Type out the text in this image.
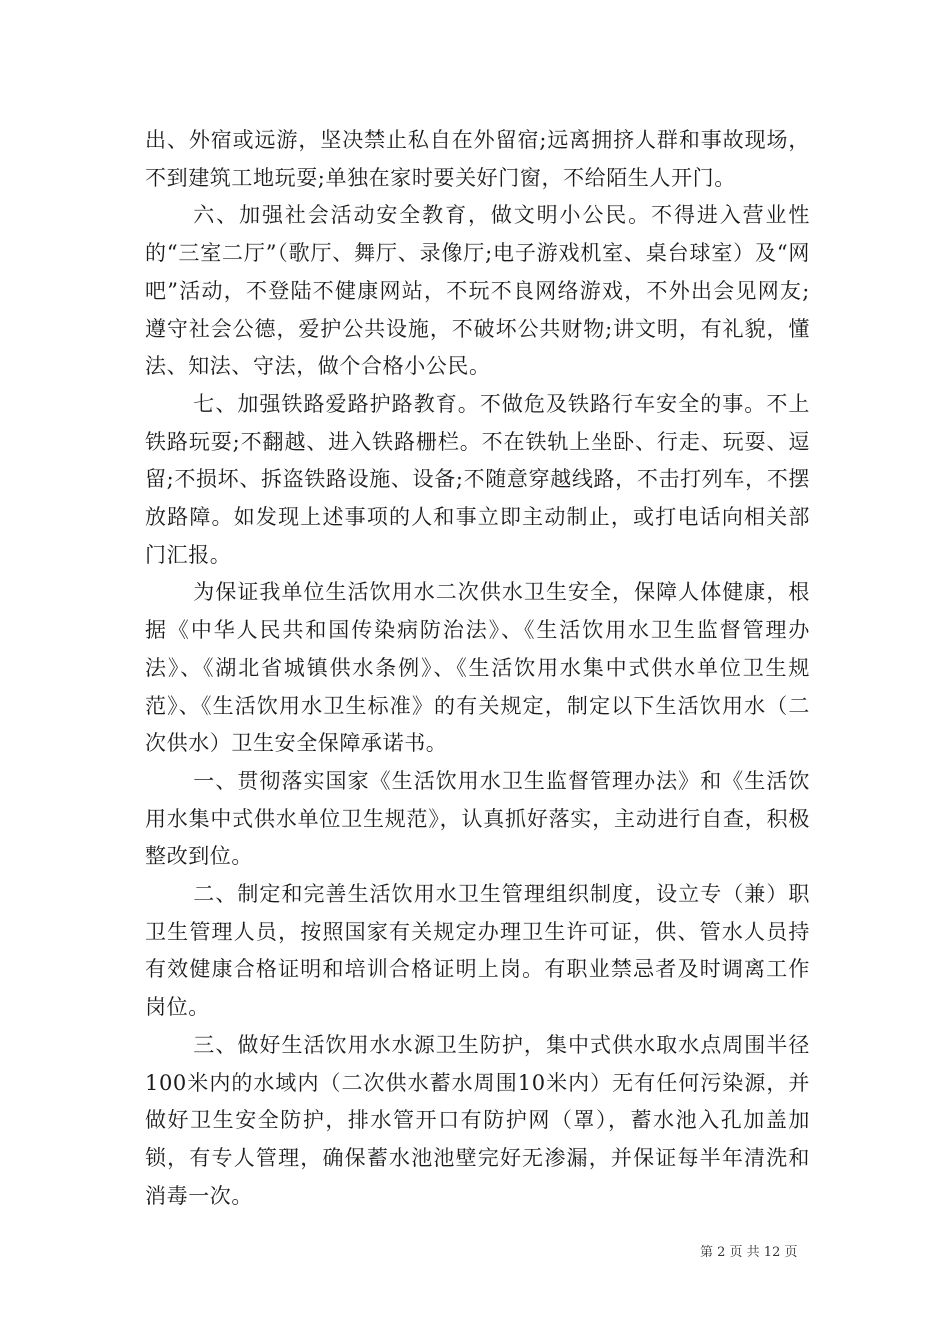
出、外宿或远游，坚决禁止私自在外留宿;远离拥挤人群和事故现场，不到建筑工地玩耍;单独在家时要关好门窗，不给陌生人开门。

六、加强社会活动安全教育，做文明小公民。不得进入营业性的“三室二厅”（歌厅、舞厅、录像厅;电子游戏机室、桌台球室）及“网吧”活动，不登陆不健康网站，不玩不良网络游戏，不外出会见网友;遵守社会公德，爱护公共设施，不破坏公共财物;讲文明，有礼貌，懂法、知法、守法，做个合格小公民。

七、加强铁路爱路护路教育。不做危及铁路行车安全的事。不上铁路玩耍;不翻越、进入铁路栅栏。不在铁轨上坐卧、行走、玩耍、逗留;不损坏、拆盗铁路设施、设备;不随意穿越线路，不击打列车，不摆放路障。如发现上述事项的人和事立即主动制止，或打电话向相关部门汇报。

为保证我单位生活饮用水二次供水卫生安全，保障人体健康，根据《中华人民共和国传染病防治法》、《生活饮用水卫生监督管理办法》、《湖北省城镇供水条例》、《生活饮用水集中式供水单位卫生规范》、《生活饮用水卫生标准》的有关规定，制定以下生活饮用水（二次供水）卫生安全保障承诺书。

一、贯彻落实国家《生活饮用水卫生监督管理办法》和《生活饮用水集中式供水单位卫生规范》，认真抓好落实，主动进行自查，积极整改到位。

二、制定和完善生活饮用水卫生管理组织制度，设立专（兼）职卫生管理人员，按照国家有关规定办理卫生许可证，供、管水人员持有效健康合格证明和培训合格证明上岗。有职业禁忌者及时调离工作岗位。

三、做好生活饮用水水源卫生防护，集中式供水取水点周围半径100米内的水域内（二次供水蓄水周围10米内）无有任何污染源，并做好卫生安全防护，排水管开口有防护网（罩），蓄水池入孔加盖加锁，有专人管理，确保蓄水池池壁完好无渗漏，并保证每半年清洗和消毒一次。

第 2 页 共 12 页
